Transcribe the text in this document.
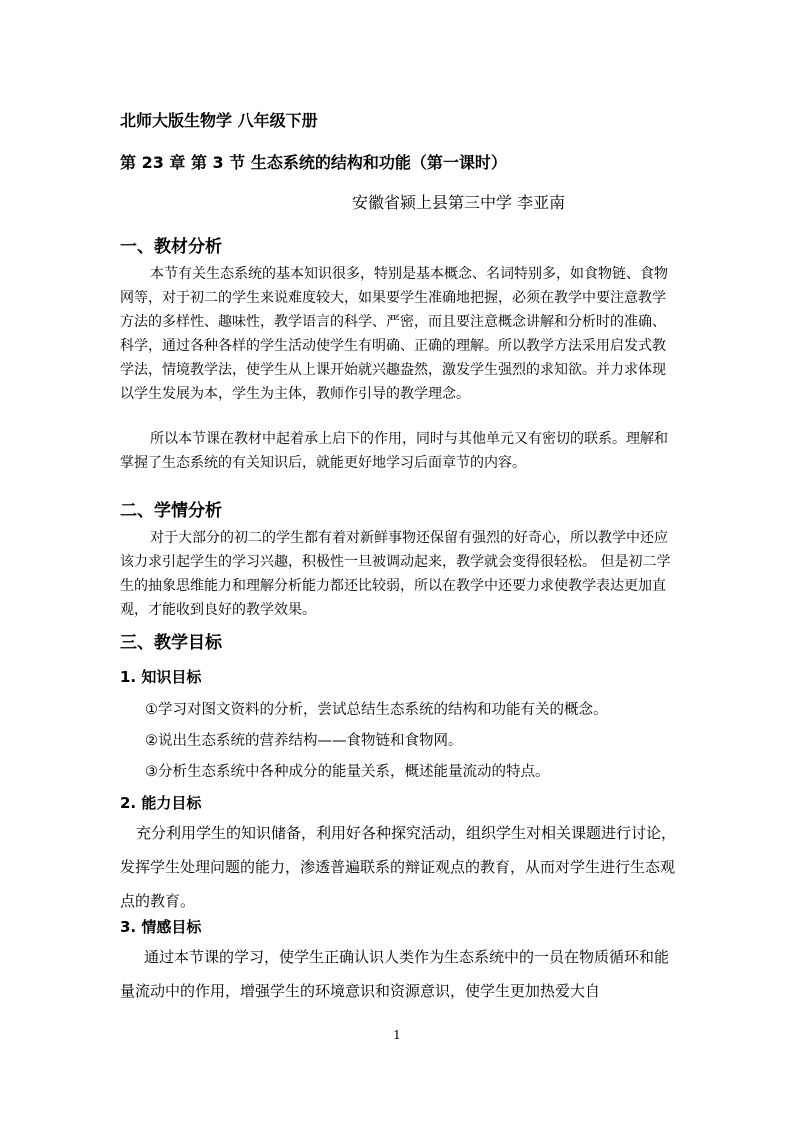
北师大版生物学 八年级下册
第 23 章 第 3 节 生态系统的结构和功能（第一课时）
安徽省颍上县第三中学 李亚南
一、教材分析
本节有关生态系统的基本知识很多，特别是基本概念、名词特别多，如食物链、食物网等，对于初二的学生来说难度较大，如果要学生准确地把握，必须在教学中要注意教学方法的多样性、趣味性，教学语言的科学、严密，而且要注意概念讲解和分析时的准确、科学，通过各种各样的学生活动使学生有明确、正确的理解。所以教学方法采用启发式教学法，情境教学法，使学生从上课开始就兴趣盎然，激发学生强烈的求知欲。并力求体现以学生发展为本，学生为主体，教师作引导的教学理念。
所以本节课在教材中起着承上启下的作用，同时与其他单元又有密切的联系。理解和掌握了生态系统的有关知识后，就能更好地学习后面章节的内容。
二、学情分析
对于大部分的初二的学生都有着对新鲜事物还保留有强烈的好奇心，所以教学中还应该力求引起学生的学习兴趣，积极性一旦被调动起来，教学就会变得很轻松。 但是初二学生的抽象思维能力和理解分析能力都还比较弱，所以在教学中还要力求使教学表达更加直观，才能收到良好的教学效果。
三、教学目标
1. 知识目标
①学习对图文资料的分析，尝试总结生态系统的结构和功能有关的概念。
②说出生态系统的营养结构——食物链和食物网。
③分析生态系统中各种成分的能量关系，概述能量流动的特点。
2. 能力目标
充分利用学生的知识储备，利用好各种探究活动，组织学生对相关课题进行讨论，发挥学生处理问题的能力，渗透普遍联系的辩证观点的教育，从而对学生进行生态观点的教育。
3. 情感目标
通过本节课的学习，使学生正确认识人类作为生态系统中的一员在物质循环和能量流动中的作用，增强学生的环境意识和资源意识，使学生更加热爱大自
1
